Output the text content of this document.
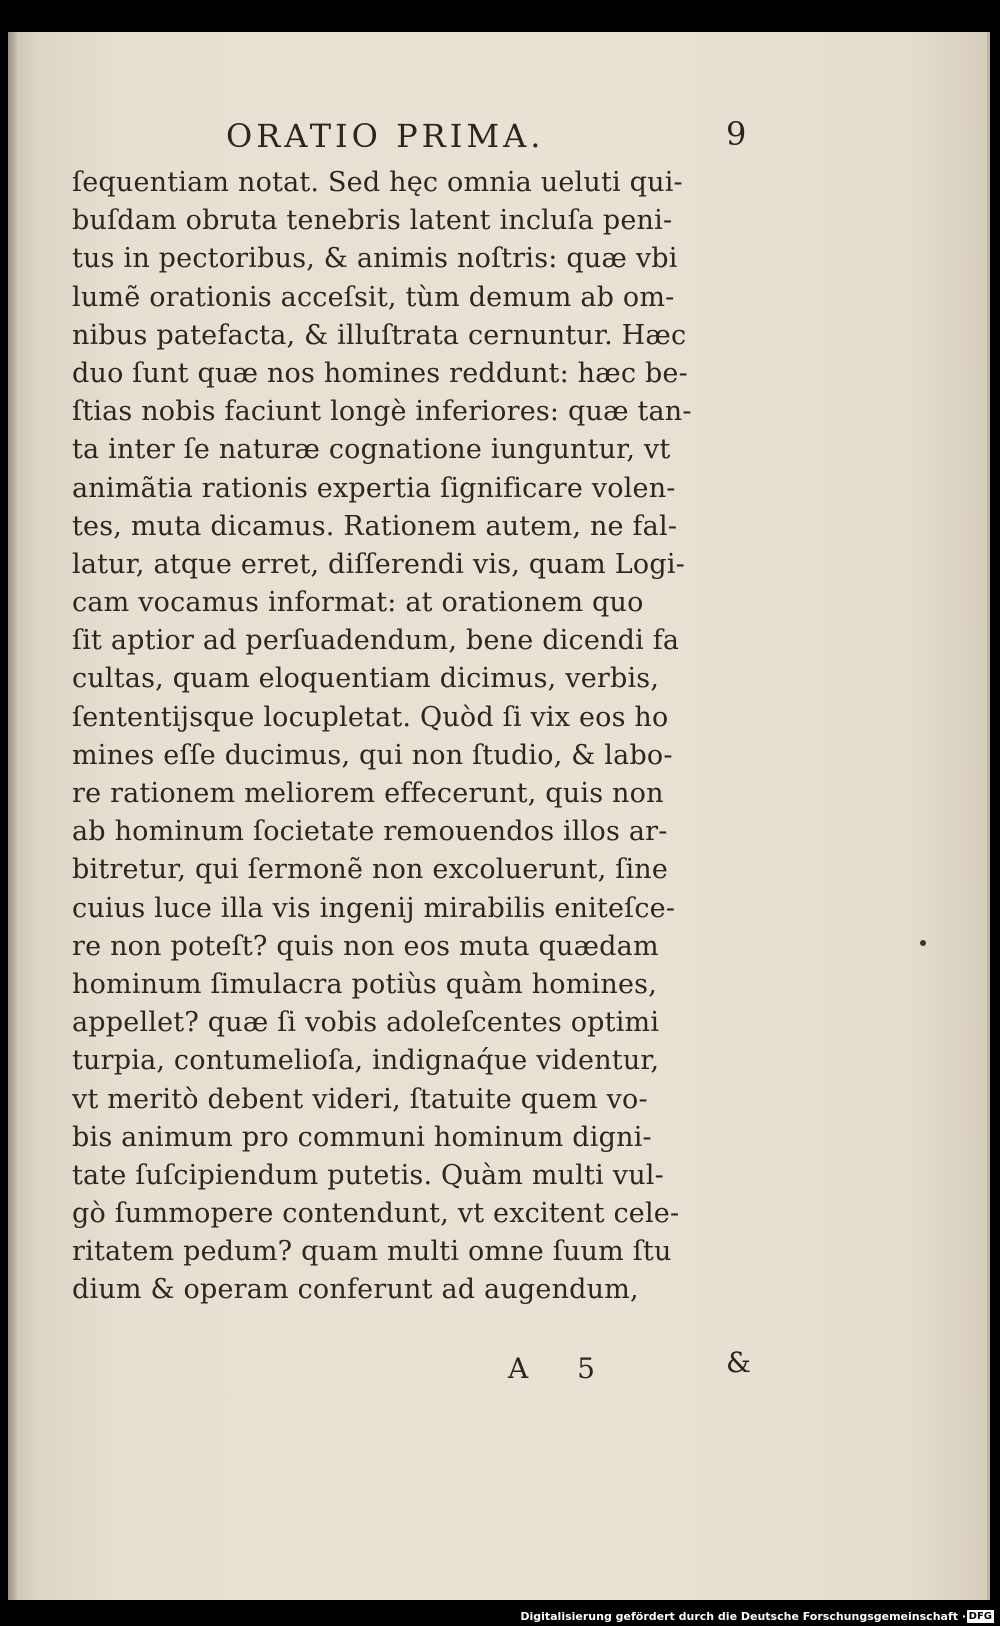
ORATIO PRIMA.	9
ſequentiam notat. Sed hęc omnia ueluti qui-
buſdam obruta tenebris latent incluſa peni-
tus in pectoribus, & animis noſtris: quæ vbi
lumẽ orationis acceſsit, tùm demum ab om-
nibus patefacta, & illuſtrata cernuntur. Hæc
duo ſunt quæ nos homines reddunt: hæc be-
ſtias nobis faciunt longè inferiores: quæ tan-
ta inter ſe naturæ cognatione iunguntur, vt
animãtia rationis expertia ſignificare volen-
tes, muta dicamus. Rationem autem, ne fal-
latur, atque erret, diſſerendi vis, quam Logi-
cam vocamus informat: at orationem quo
ſit aptior ad perſuadendum, bene dicendi fa
cultas, quam eloquentiam dicimus, verbis,
ſententijsque locupletat. Quòd ſi vix eos ho
mines eſſe ducimus, qui non ſtudio, & labo-
re rationem meliorem effecerunt, quis non
ab hominum ſocietate remouendos illos ar-
bitretur, qui ſermonẽ non excoluerunt, ſine
cuius luce illa vis ingenij mirabilis eniteſce-
re non poteſt? quis non eos muta quædam
hominum ſimulacra potiùs quàm homines,
appellet? quæ ſi vobis adoleſcentes optimi
turpia, contumelioſa, indignaq́ue videntur,
vt meritò debent videri, ſtatuite quem vo-
bis animum pro communi hominum digni-
tate ſuſcipiendum putetis. Quàm multi vul-
gò ſummopere contendunt, vt excitent cele-
ritatem pedum? quam multi omne ſuum ſtu
dium & operam conferunt ad augendum,
A 5	&
Digitalisierung gefördert durch die Deutsche Forschungsgemeinschaft · DFG
